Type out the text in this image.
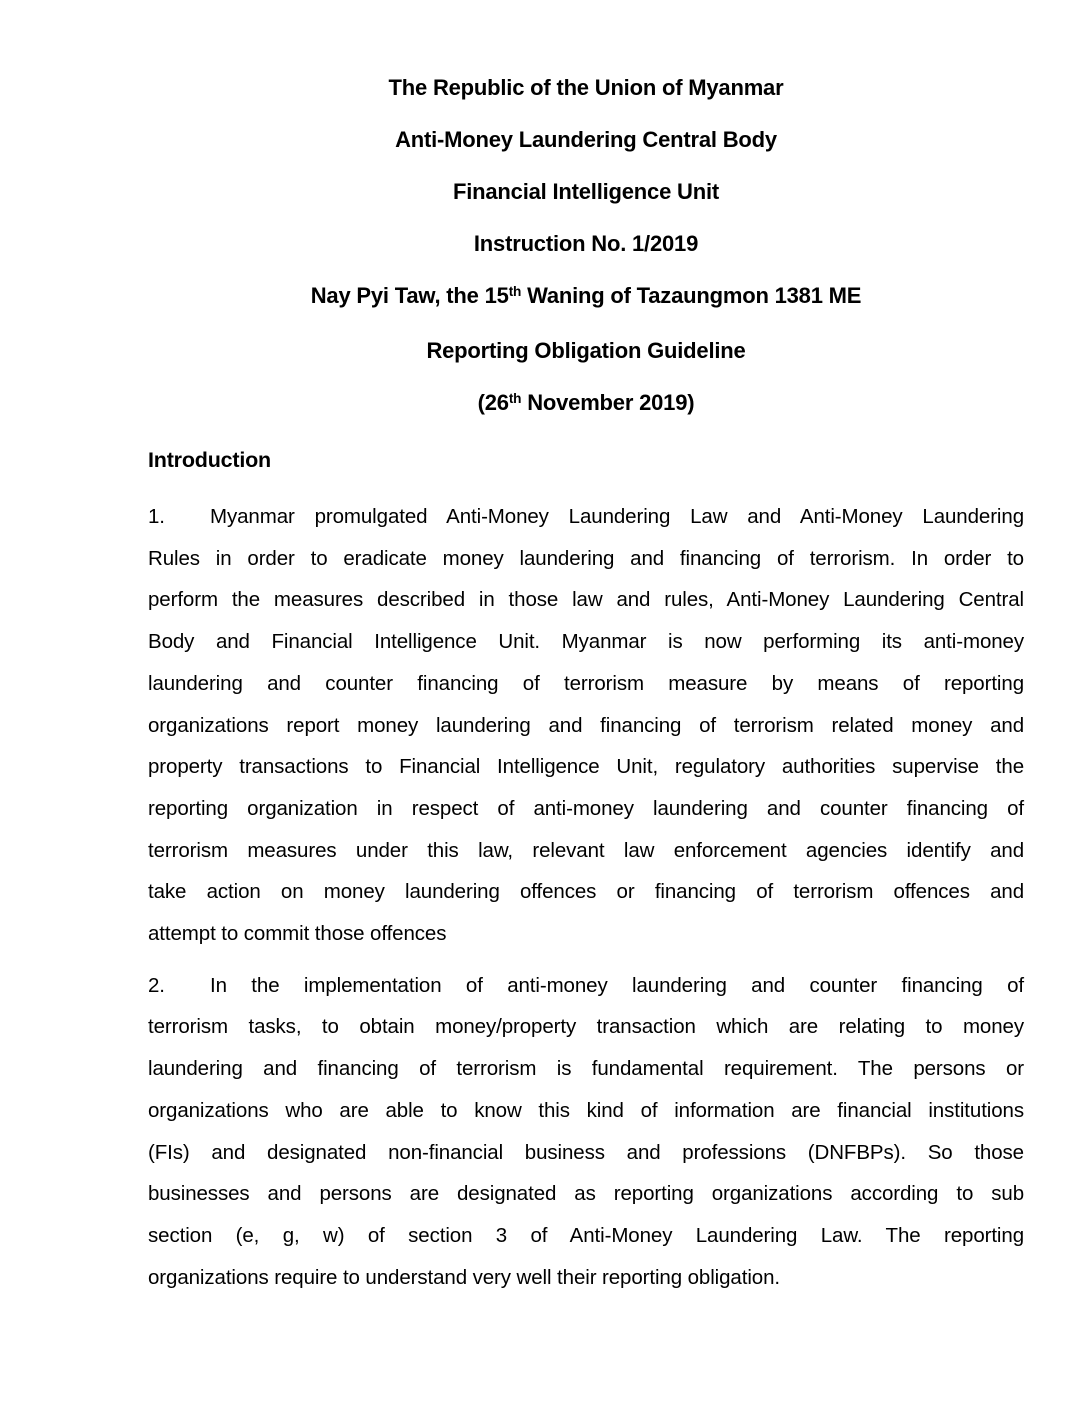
The Republic of the Union of Myanmar
Anti-Money Laundering Central Body
Financial Intelligence Unit
Instruction No. 1/2019
Nay Pyi Taw, the 15th Waning of Tazaungmon 1381 ME
Reporting Obligation Guideline
(26th November 2019)
Introduction
1. Myanmar promulgated Anti-Money Laundering Law and Anti-Money Laundering
Rules in order to eradicate money laundering and financing of terrorism. In order to
perform the measures described in those law and rules, Anti-Money Laundering Central
Body and Financial Intelligence Unit. Myanmar is now performing its anti-money
laundering and counter financing of terrorism measure by means of reporting
organizations report money laundering and financing of terrorism related money and
property transactions to Financial Intelligence Unit, regulatory authorities supervise the
reporting organization in respect of anti-money laundering and counter financing of
terrorism measures under this law, relevant law enforcement agencies identify and
take action on money laundering offences or financing of terrorism offences and
attempt to commit those offences
2. In the implementation of anti-money laundering and counter financing of
terrorism tasks, to obtain money/property transaction which are relating to money
laundering and financing of terrorism is fundamental requirement. The persons or
organizations who are able to know this kind of information are financial institutions
(FIs) and designated non-financial business and professions (DNFBPs). So those
businesses and persons are designated as reporting organizations according to sub
section (e, g, w) of section 3 of Anti-Money Laundering Law. The reporting
organizations require to understand very well their reporting obligation.
